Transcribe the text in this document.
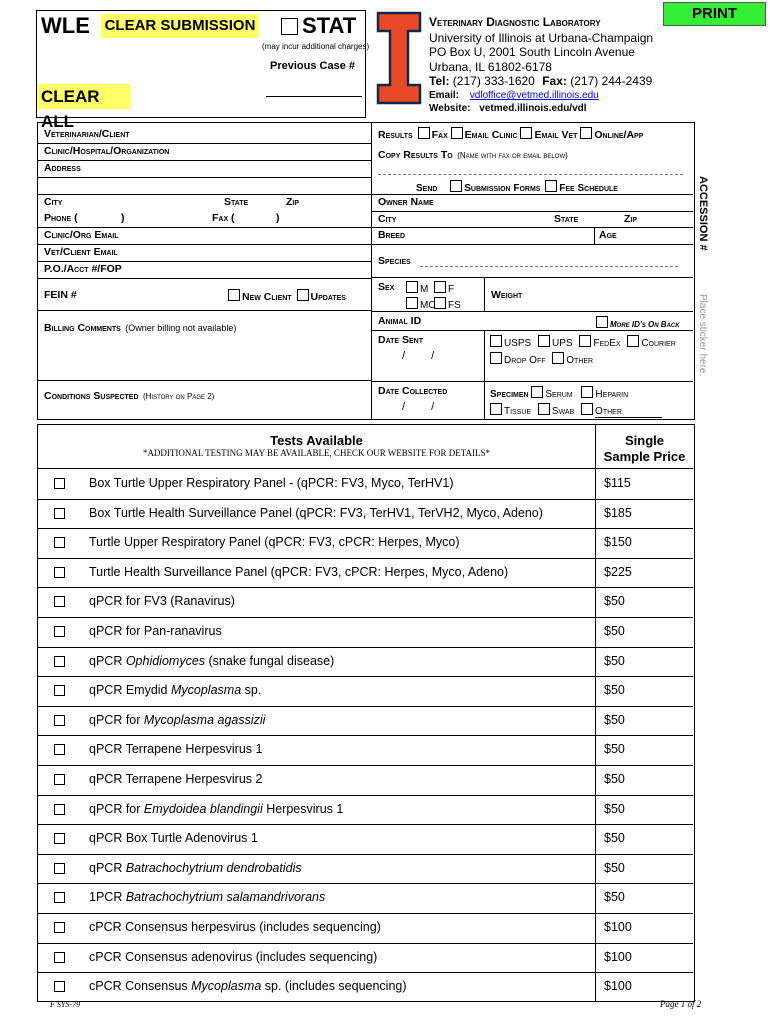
WLE CLEAR SUBMISSION STAT
(may incur additional charges)
Previous Case #
CLEAR ALL
Veterinary Diagnostic Laboratory
University of Illinois at Urbana-Champaign
PO Box U, 2001 South Lincoln Avenue
Urbana, IL 61802-6178
Tel: (217) 333-1620 Fax: (217) 244-2439
Email: vdloffice@vetmed.illinois.edu
Website: vetmed.illinois.edu/vdl
PRINT
Veterinarian/Client
Clinic/Hospital/Organization
Address
City	State	Zip
Phone (	)	Fax (	)
Clinic/Org Email
Vet/Client Email
P.O./Acct #/FOP
FEIN #	New Client Updates
Billing Comments (Owner billing not available)
Conditions Suspected (History on Page 2)
Results Fax Email Clinic Email Vet Online/App
Copy Results To (Name with fax or email below)
Send	Submission Forms Fee Schedule
Owner Name
City	State	Zip
Breed	Age
Species
Sex	M F
MC FS
Weight
Animal ID	More ID's On Back
Date Sent
/ /
USPS UPS FedEx Courier
Drop Off Other
Date Collected
/ /
Specimen Serum Heparin
Tissue Swab Other
ACCESSION #
Place sticker here.
Tests Available
*ADDITIONAL TESTING MAY BE AVAILABLE, CHECK OUR WEBSITE FOR DETAILS*
Single
Sample Price
Box Turtle Upper Respiratory Panel - (qPCR: FV3, Myco, TerHV1)	$115
Box Turtle Health Surveillance Panel (qPCR: FV3, TerHV1, TerVH2, Myco, Adeno)	$185
Turtle Upper Respiratory Panel (qPCR: FV3, cPCR: Herpes, Myco)	$150
Turtle Health Surveillance Panel (qPCR: FV3, cPCR: Herpes, Myco, Adeno)	$225
qPCR for FV3 (Ranavirus)	$50
qPCR for Pan-ranavirus	$50
qPCR Ophidiomyces (snake fungal disease)	$50
qPCR Emydid Mycoplasma sp.	$50
qPCR for Mycoplasma agassizii	$50
qPCR Terrapene Herpesvirus 1	$50
qPCR Terrapene Herpesvirus 2	$50
qPCR for Emydoidea blandingii Herpesvirus 1	$50
qPCR Box Turtle Adenovirus 1	$50
qPCR Batrachochytrium dendrobatidis	$50
1PCR Batrachochytrium salamandrivorans	$50
cPCR Consensus herpesvirus (includes sequencing)	$100
cPCR Consensus adenovirus (includes sequencing)	$100
cPCR Consensus Mycoplasma sp. (includes sequencing)	$100
F SYS-79	Page 1 of 2
